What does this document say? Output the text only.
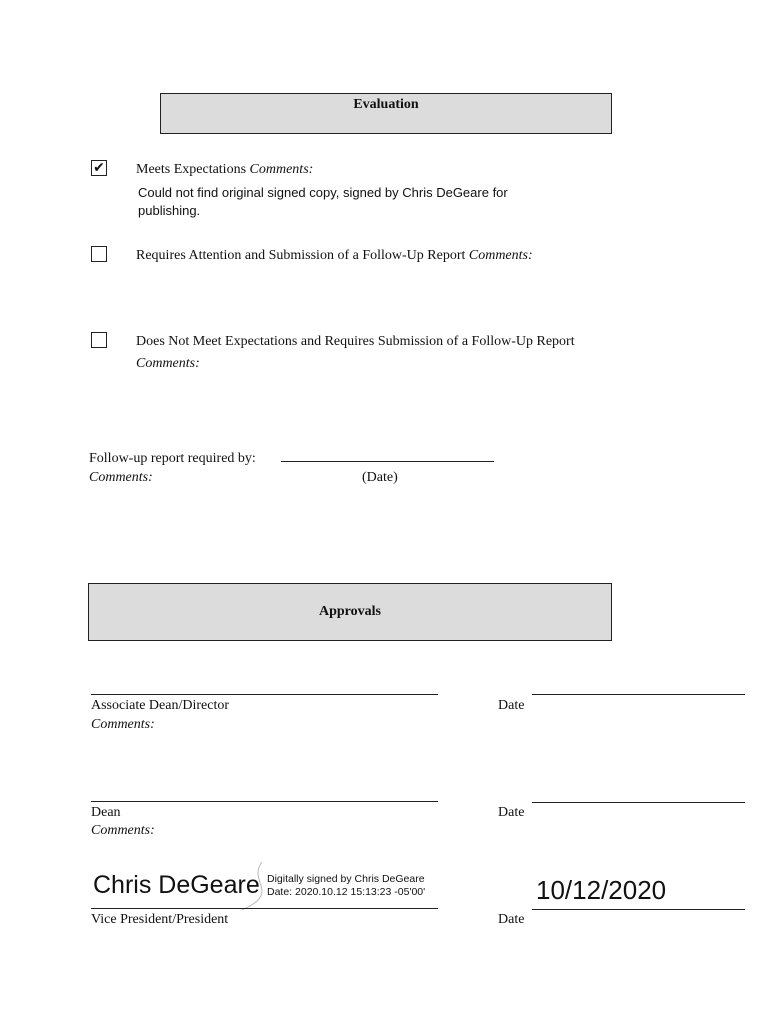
Evaluation
✔ Meets Expectations Comments:
Could not find original signed copy, signed by Chris DeGeare for publishing.
Requires Attention and Submission of a Follow-Up Report Comments:
Does Not Meet Expectations and Requires Submission of a Follow-Up Report
Comments:
Follow-up report required by:
Comments:	(Date)
Approvals
Associate Dean/Director
Comments:
Date
Dean
Comments:
Date
Chris DeGeare Digitally signed by Chris DeGeare
Date: 2020.10.12 15:13:23 -05'00'
Vice President/President
10/12/2020
Date
